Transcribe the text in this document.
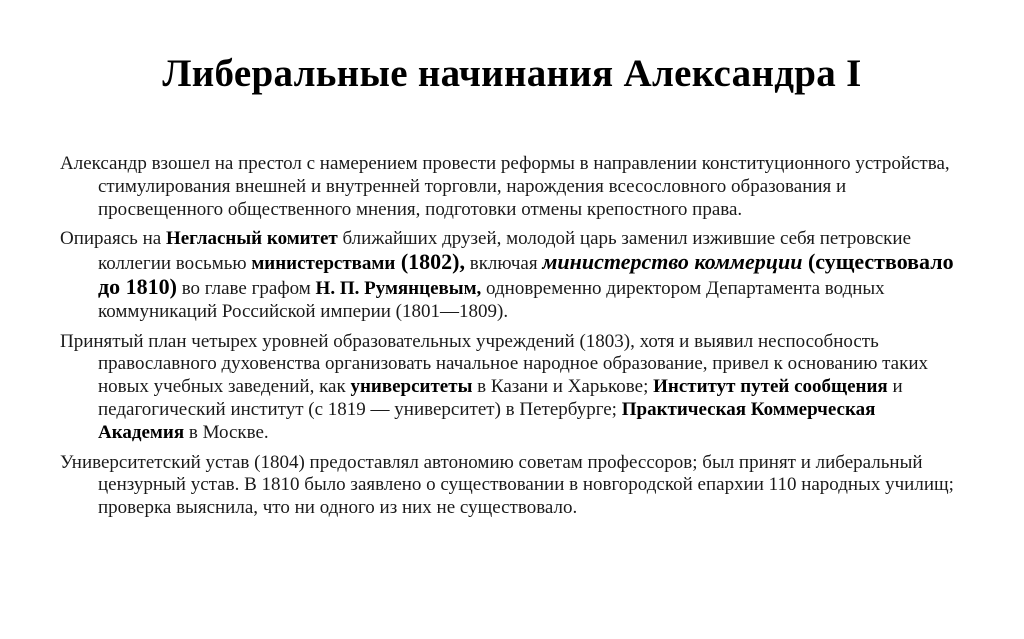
Либеральные начинания Александра I

Александр взошел на престол с намерением провести реформы в направлении конституционного устройства, стимулирования внешней и внутренней торговли, нарождения всесословного образования и просвещенного общественного мнения, подготовки отмены крепостного права.

Опираясь на Негласный комитет ближайших друзей, молодой царь заменил изжившие себя петровские коллегии восьмью министерствами (1802), включая министерство коммерции (существовало до 1810) во главе графом Н. П. Румянцевым, одновременно директором Департамента водных коммуникаций Российской империи (1801—1809).

Принятый план четырех уровней образовательных учреждений (1803), хотя и выявил неспособность православного духовенства организовать начальное народное образование, привел к основанию таких новых учебных заведений, как университеты в Казани и Харькове; Институт путей сообщения и педагогический институт (с 1819 — университет) в Петербурге; Практическая Коммерческая Академия в Москве.

Университетский устав (1804) предоставлял автономию советам профессоров; был принят и либеральный цензурный устав. В 1810 было заявлено о существовании в новгородской епархии 110 народных училищ; проверка выяснила, что ни одного из них не существовало.
